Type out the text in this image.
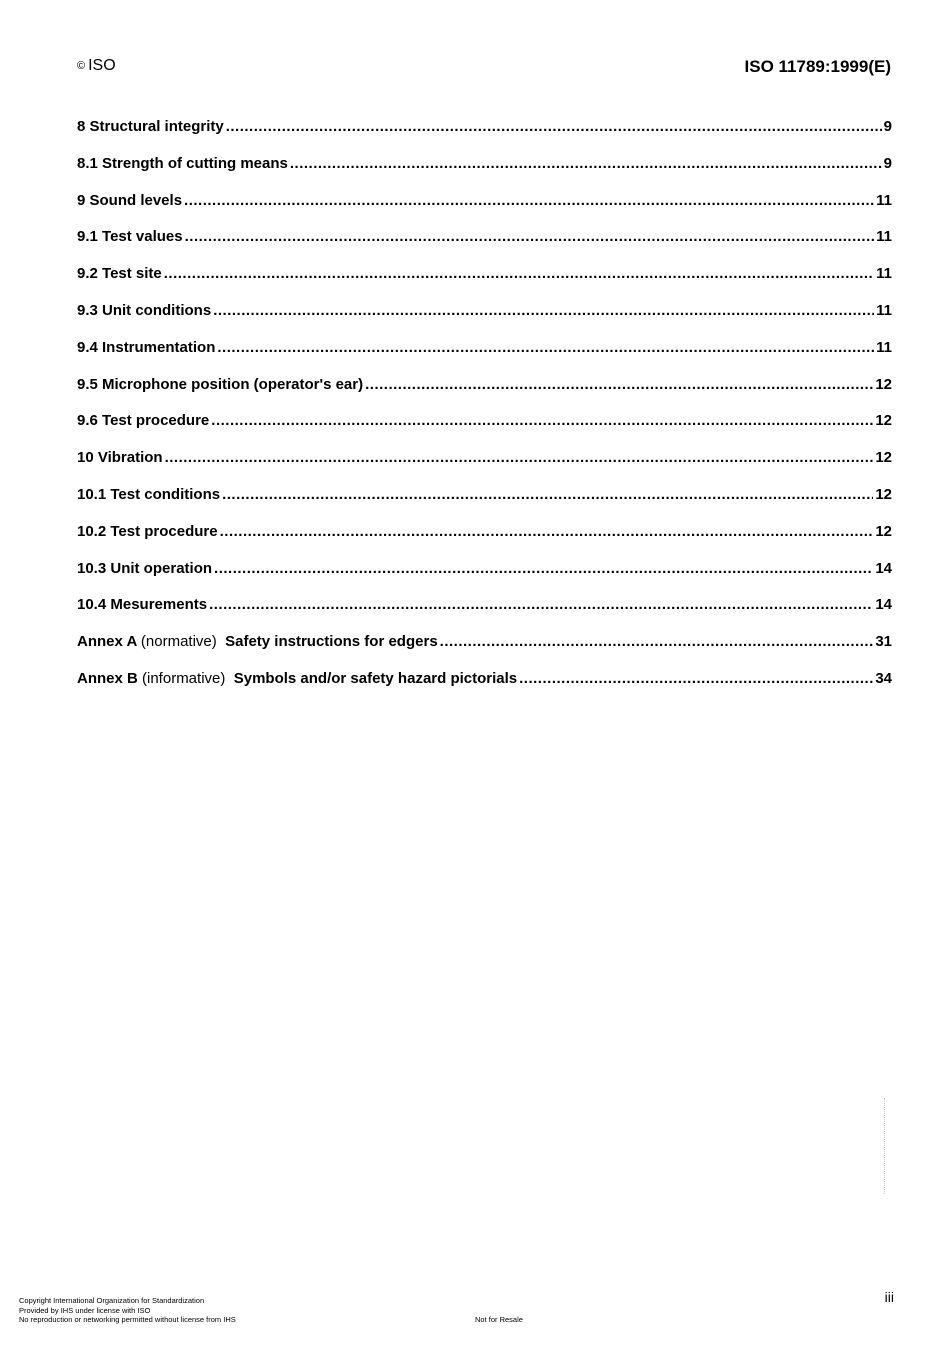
© ISO	ISO 11789:1999(E)
8 Structural integrity .....	9
8.1 Strength of cutting means .....	9
9 Sound levels .....	11
9.1 Test values .....	11
9.2 Test site .....	11
9.3 Unit conditions .....	11
9.4 Instrumentation .....	11
9.5 Microphone position (operator's ear) .....	12
9.6 Test procedure .....	12
10 Vibration .....	12
10.1 Test conditions .....	12
10.2 Test procedure .....	12
10.3 Unit operation .....	14
10.4 Mesurements .....	14
Annex A (normative) Safety instructions for edgers .....	31
Annex B (informative) Symbols and/or safety hazard pictorials .....	34
iii
Copyright International Organization for Standardization
Provided by IHS under license with ISO
No reproduction or networking permitted without license from IHS	Not for Resale
